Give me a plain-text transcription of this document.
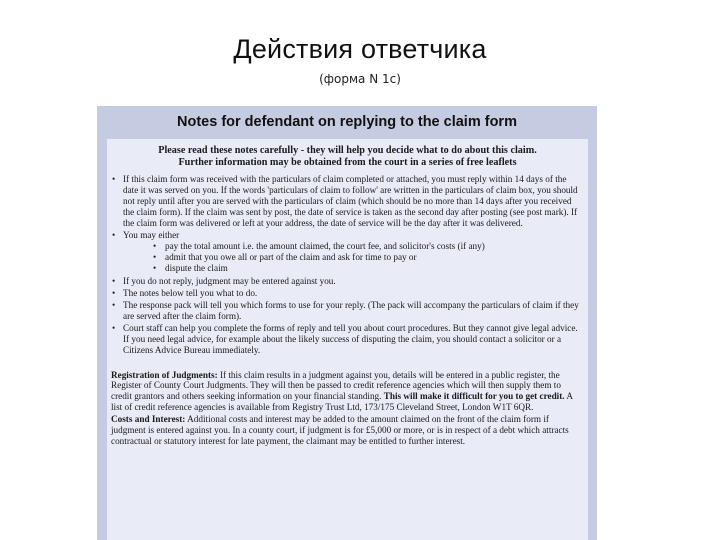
Действия ответчика
(форма N 1с)
Notes for defendant on replying to the claim form
Please read these notes carefully - they will help you decide what to do about this claim.
Further information may be obtained from the court in a series of free leaflets
• If this claim form was received with the particulars of claim completed or attached, you must reply within 14 days of the date it was served on you. If the words 'particulars of claim to follow' are written in the particulars of claim box, you should not reply until after you are served with the particulars of claim (which should be no more than 14 days after you received the claim form). If the claim was sent by post, the date of service is taken as the second day after posting (see post mark). If the claim form was delivered or left at your address, the date of service will be the day after it was delivered.
• You may either
• pay the total amount i.e. the amount claimed, the court fee, and solicitor's costs (if any)
• admit that you owe all or part of the claim and ask for time to pay or
• dispute the claim
• If you do not reply, judgment may be entered against you.
• The notes below tell you what to do.
• The response pack will tell you which forms to use for your reply. (The pack will accompany the particulars of claim if they are served after the claim form).
• Court staff can help you complete the forms of reply and tell you about court procedures. But they cannot give legal advice. If you need legal advice, for example about the likely success of disputing the claim, you should contact a solicitor or a Citizens Advice Bureau immediately.

Registration of Judgments: If this claim results in a judgment against you, details will be entered in a public register, the Register of County Court Judgments. They will then be passed to credit reference agencies which will then supply them to credit grantors and others seeking information on your financial standing. This will make it difficult for you to get credit. A list of credit reference agencies is available from Registry Trust Ltd, 173/175 Cleveland Street, London W1T 6QR.

Costs and Interest: Additional costs and interest may be added to the amount claimed on the front of the claim form if judgment is entered against you. In a county court, if judgment is for £5,000 or more, or is in respect of a debt which attracts contractual or statutory interest for late payment, the claimant may be entitled to further interest.
